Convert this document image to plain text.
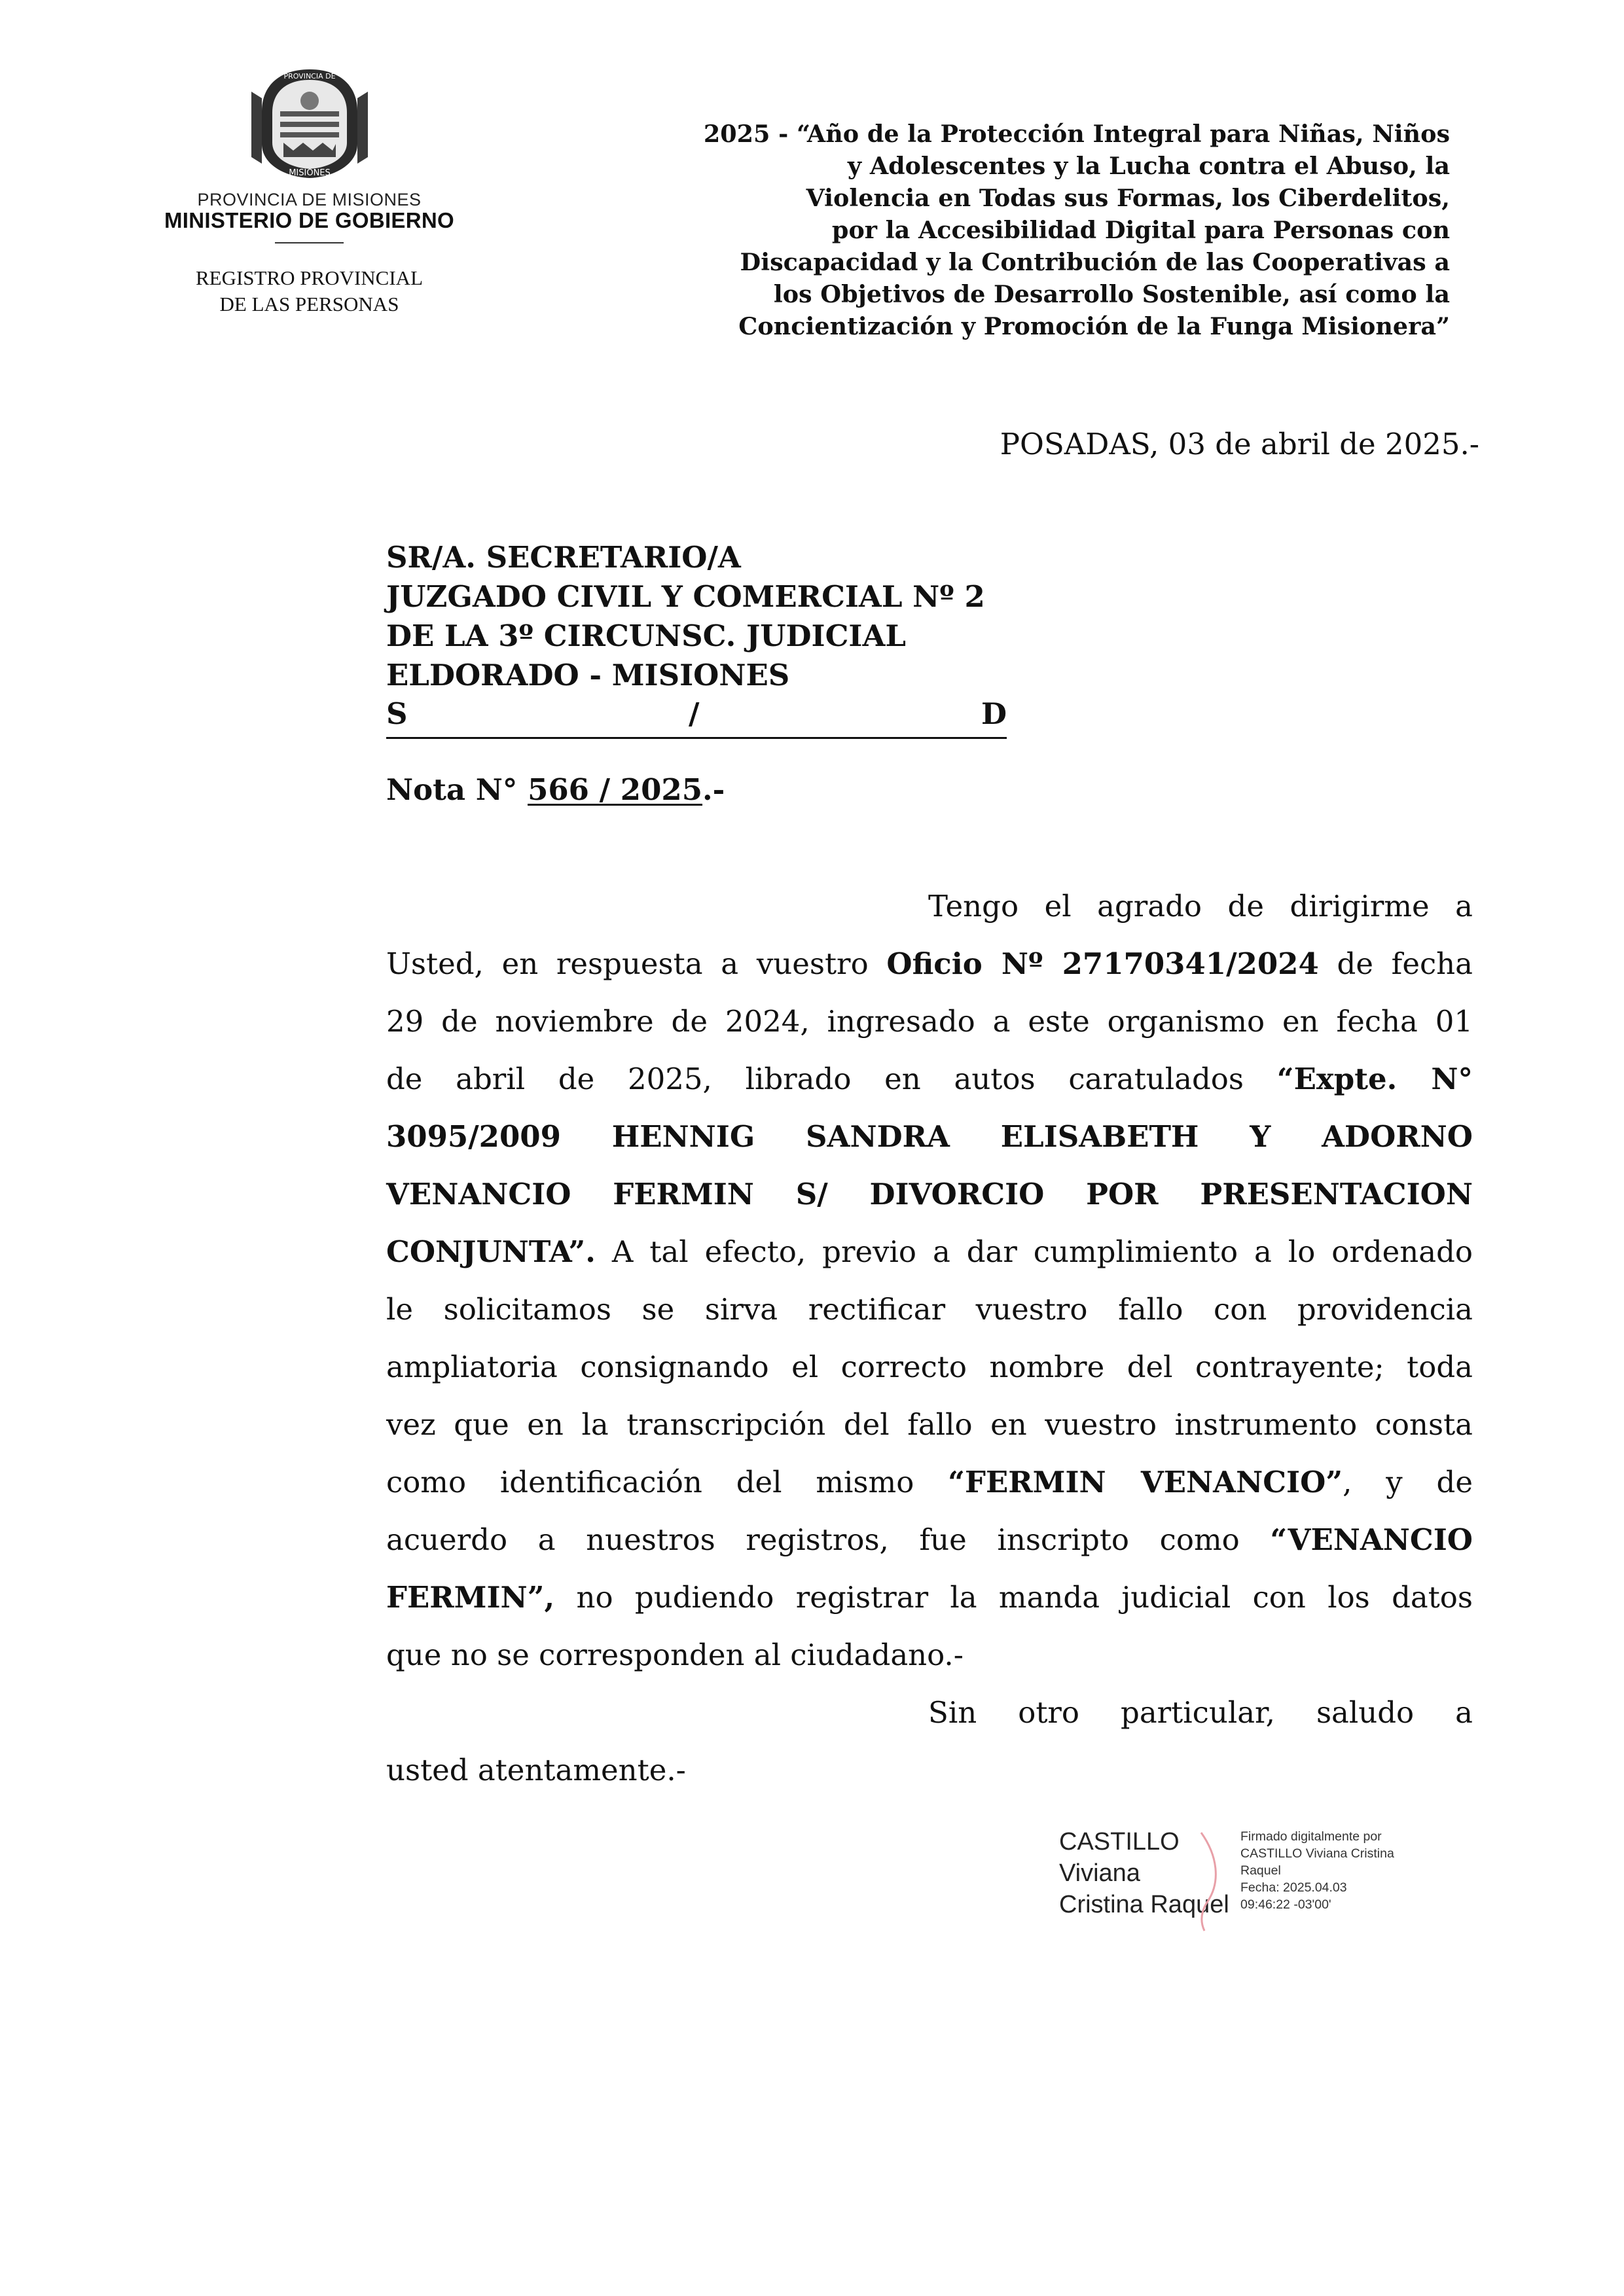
PROVINCIA DE
MISIONES
PROVINCIA DE MISIONES
MINISTERIO DE GOBIERNO
REGISTRO PROVINCIAL
DE LAS PERSONAS
2025 - “Año de la Protección Integral para Niñas, Niños
y Adolescentes y la Lucha contra el Abuso, la
Violencia en Todas sus Formas, los Ciberdelitos,
por la Accesibilidad Digital para Personas con
Discapacidad y la Contribución de las Cooperativas a
los Objetivos de Desarrollo Sostenible, así como la
Concientización y Promoción de la Funga Misionera”
POSADAS, 03 de abril de 2025.-
SR/A. SECRETARIO/A
JUZGADO CIVIL Y COMERCIAL Nº 2
DE LA 3º CIRCUNSC. JUDICIAL
ELDORADO - MISIONES
S	/	D
Nota N° 566 / 2025.-
Tengo el agrado de dirigirme a
Usted, en respuesta a vuestro Oficio Nº 27170341/2024 de fecha
29 de noviembre de 2024, ingresado a este organismo en fecha 01
de abril de 2025, librado en autos caratulados “Expte. N°
3095/2009 HENNIG SANDRA ELISABETH Y ADORNO
VENANCIO FERMIN S/ DIVORCIO POR PRESENTACION
CONJUNTA”. A tal efecto, previo a dar cumplimiento a lo ordenado
le solicitamos se sirva rectificar vuestro fallo con providencia
ampliatoria consignando el correcto nombre del contrayente; toda
vez que en la transcripción del fallo en vuestro instrumento consta
como identificación del mismo “FERMIN VENANCIO”, y de
acuerdo a nuestros registros, fue inscripto como “VENANCIO
FERMIN”, no pudiendo registrar la manda judicial con los datos
que no se corresponden al ciudadano.-
Sin otro particular, saludo a
usted atentamente.-
CASTILLO
Viviana
Cristina Raquel
Firmado digitalmente por
CASTILLO Viviana Cristina
Raquel
Fecha: 2025.04.03
09:46:22 -03'00'
